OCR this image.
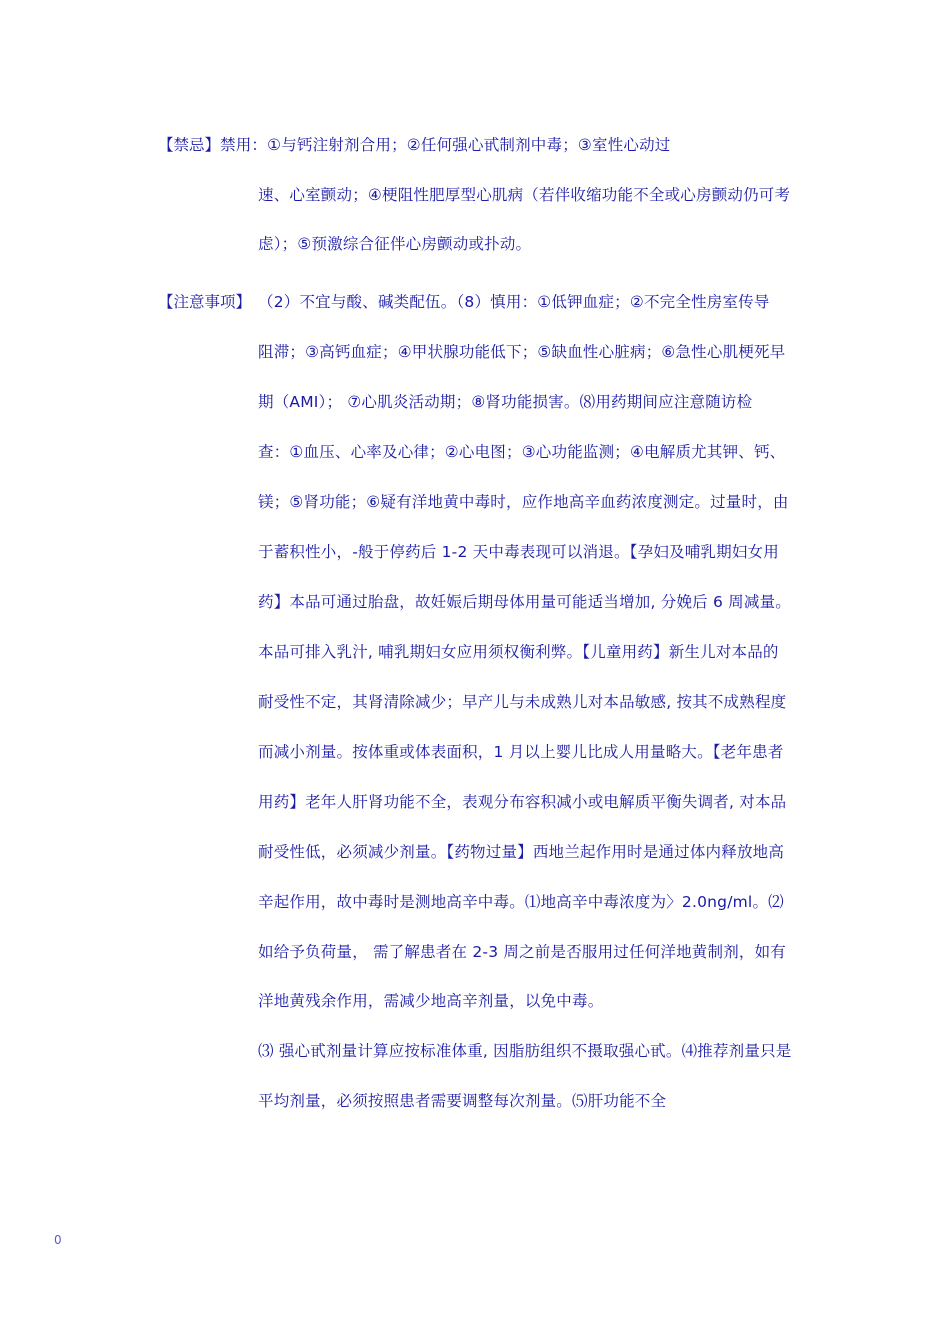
【禁忌】 禁用：①与钙注射剂合用；②任何强心甙制剂中毒；③室性心动过
速、心室颤动；④梗阻性肥厚型心肌病（若伴收缩功能不全或心房颤动仍可考
虑）；⑤预激综合征伴心房颤动或扑动。
【注意事项】 （2）不宜与酸、碱类配伍。（8）慎用：①低钾血症；②不完全性房室传导
阻滞；③高钙血症；④甲状腺功能低下；⑤缺血性心脏病；⑥急性心肌梗死早
期（AMI）； ⑦心肌炎活动期；⑧肾功能损害。⑻用药期间应注意随访检
查：①血压、心率及心律；②心电图；③心功能监测；④电解质尤其钾、钙、
镁；⑤肾功能；⑥疑有洋地黄中毒时，应作地高辛血药浓度测定。过量时，由
于蓄积性小，-般于停药后 1-2 天中毒表现可以消退。【孕妇及哺乳期妇女用
药】本品可通过胎盘，故妊娠后期母体用量可能适当增加, 分娩后 6 周减量。
本品可排入乳汁, 哺乳期妇女应用须权衡利弊。【儿童用药】新生儿对本品的
耐受性不定，其肾清除减少；早产儿与未成熟儿对本品敏感, 按其不成熟程度
而减小剂量。按体重或体表面积，1 月以上婴儿比成人用量略大。【老年患者
用药】老年人肝肾功能不全，表观分布容积减小或电解质平衡失调者, 对本品
耐受性低，必须减少剂量。【药物过量】西地兰起作用时是通过体内释放地高
辛起作用，故中毒时是测地高辛中毒。⑴地高辛中毒浓度为〉2.0ng/ml。⑵
如给予负荷量， 需了解患者在 2-3 周之前是否服用过任何洋地黄制剂，如有
洋地黄残余作用，需减少地高辛剂量，以免中毒。
⑶ 强心甙剂量计算应按标准体重, 因脂肪组织不摄取强心甙。⑷推荐剂量只是
平均剂量，必须按照患者需要调整每次剂量。⑸肝功能不全
0
